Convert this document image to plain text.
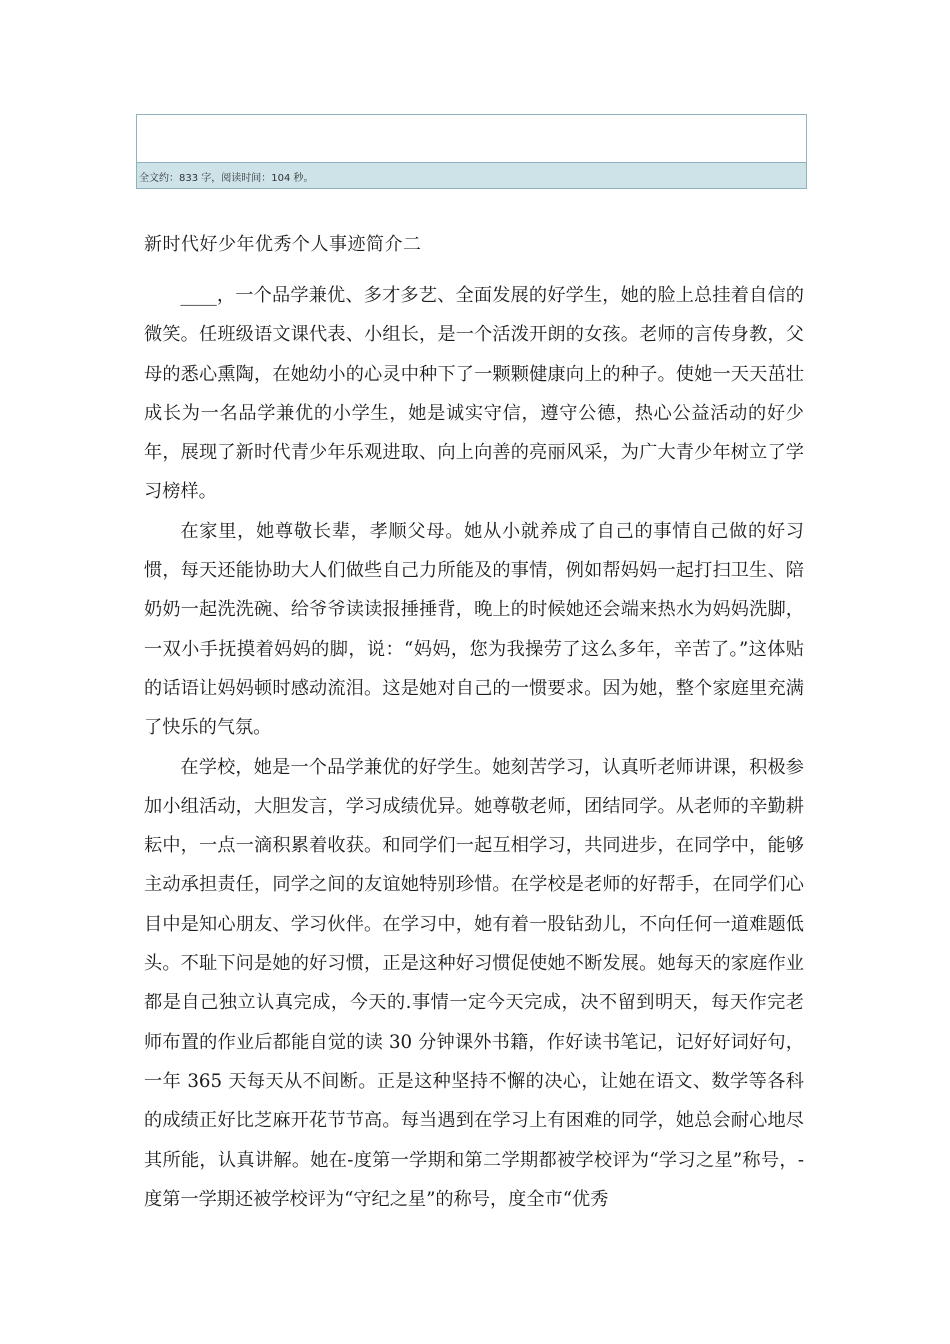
全文约：833 字，阅读时间：104 秒。
新时代好少年优秀个人事迹简介二

____，一个品学兼优、多才多艺、全面发展的好学生，她的脸上总挂着自信的微笑。任班级语文课代表、小组长，是一个活泼开朗的女孩。老师的言传身教，父母的悉心熏陶，在她幼小的心灵中种下了一颗颗健康向上的种子。使她一天天茁壮成长为一名品学兼优的小学生，她是诚实守信，遵守公德，热心公益活动的好少年，展现了新时代青少年乐观进取、向上向善的亮丽风采，为广大青少年树立了学习榜样。

在家里，她尊敬长辈，孝顺父母。她从小就养成了自己的事情自己做的好习惯，每天还能协助大人们做些自己力所能及的事情，例如帮妈妈一起打扫卫生、陪奶奶一起洗洗碗、给爷爷读读报捶捶背，晚上的时候她还会端来热水为妈妈洗脚，一双小手抚摸着妈妈的脚，说：“妈妈，您为我操劳了这么多年，辛苦了。”这体贴的话语让妈妈顿时感动流泪。这是她对自己的一惯要求。因为她，整个家庭里充满了快乐的气氛。

在学校，她是一个品学兼优的好学生。她刻苦学习，认真听老师讲课，积极参加小组活动，大胆发言，学习成绩优异。她尊敬老师，团结同学。从老师的辛勤耕耘中，一点一滴积累着收获。和同学们一起互相学习，共同进步，在同学中，能够主动承担责任，同学之间的友谊她特别珍惜。在学校是老师的好帮手，在同学们心目中是知心朋友、学习伙伴。在学习中，她有着一股钻劲儿，不向任何一道难题低头。不耻下问是她的好习惯，正是这种好习惯促使她不断发展。她每天的家庭作业都是自己独立认真完成，今天的.事情一定今天完成，决不留到明天，每天作完老师布置的作业后都能自觉的读 30 分钟课外书籍，作好读书笔记，记好好词好句，一年 365 天每天从不间断。正是这种坚持不懈的决心，让她在语文、数学等各科的成绩正好比芝麻开花节节高。每当遇到在学习上有困难的同学，她总会耐心地尽其所能，认真讲解。她在-度第一学期和第二学期都被学校评为“学习之星”称号，-度第一学期还被学校评为“守纪之星”的称号，度全市“优秀
